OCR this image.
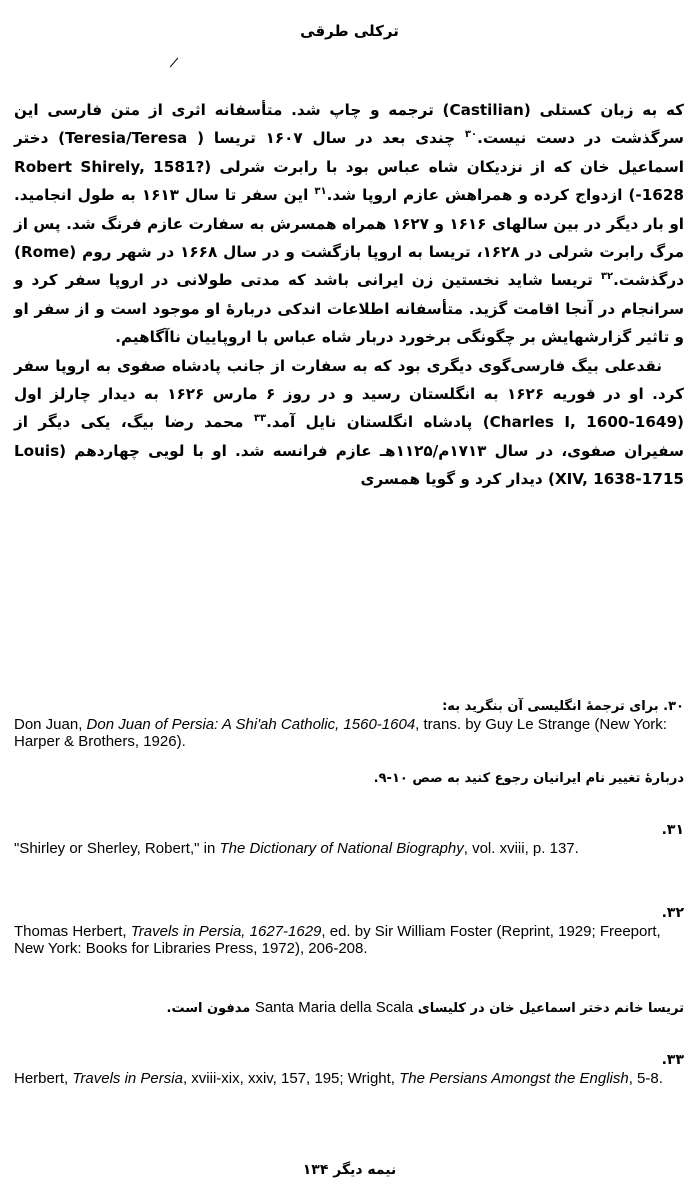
ترکلی طرقی

که به زبان کستلی (Castilian) ترجمه و چاپ شد. متأسفانه اثری از متن فارسی این سرگذشت در دست نیست.$^{۳۰}$ چندی بعد در سال ۱۶۰۷ تریسا ( Teresia/Teresa) دختر اسماعیل خان که از نزدیکان شاه عباس بود با رابرت شرلی (Robert Shirely, 1581?-1628) ازدواج کرده و همراهش عازم اروپا شد.$^{۳۱}$ این سفر تا سال ۱۶۱۳ به طول انجامید. او بار دیگر در بین سالهای ۱۶۱۶ و ۱۶۲۷ همراه همسرش به سفارت عازم فرنگ شد. پس از مرگ رابرت شرلی در ۱۶۲۸، تریسا به اروپا بازگشت و در سال ۱۶۶۸ در شهر روم (Rome) درگذشت.$^{۳۲}$ تریسا شاید نخستین زن ایرانی باشد که مدتی طولانی در اروپا سفر کرد و سرانجام در آنجا اقامت گزید. متأسفانه اطلاعات اندکی دربارهٔ او موجود است و از سفر او و تاثیر گزارشهایش بر چگونگی برخورد دربار شاه عباس با اروپاییان ناآگاهیم.

نقدعلی بیگ فارسی‌گوی دیگری بود که به سفارت از جانب پادشاه صفوی به اروپا سفر کرد. او در فوریه ۱۶۲۶ به انگلستان رسید و در روز ۶ مارس ۱۶۲۶ به دیدار چارلز اول (Charles I, 1600-1649) پادشاه انگلستان نایل آمد.$^{۳۳}$ محمد رضا بیگ، یکی دیگر از سفیران صفوی، در سال ۱۷۱۳م/۱۱۲۵هـ عازم فرانسه شد. او با لویی چهاردهم (Louis XIV, 1638-1715) دیدار کرد و گویا همسری

۳۰. برای ترجمهٔ انگلیسی آن بنگرید به:
Don Juan, Don Juan of Persia: A Shi'ah Catholic, 1560-1604, trans. by Guy Le Strange (New York: Harper & Brothers, 1926).
دربارهٔ تغییر نام ایرانیان رجوع کنید به صص ۱۰-۹.
۳۱.
"Shirley or Sherley, Robert," in The Dictionary of National Biography, vol. xviii, p. 137.
۳۲.
Thomas Herbert, Travels in Persia, 1627-1629, ed. by Sir William Foster (Reprint, 1929; Freeport, New York: Books for Libraries Press, 1972), 206-208.
تریسا خانم دختر اسماعیل خان در کلیسای Santa Maria della Scala مدفون است.
۳۳.
Herbert, Travels in Persia, xviii-xix, xxiv, 157, 195; Wright, The Persians Amongst the English, 5-8.
نیمه دیگر ۱۳۴
